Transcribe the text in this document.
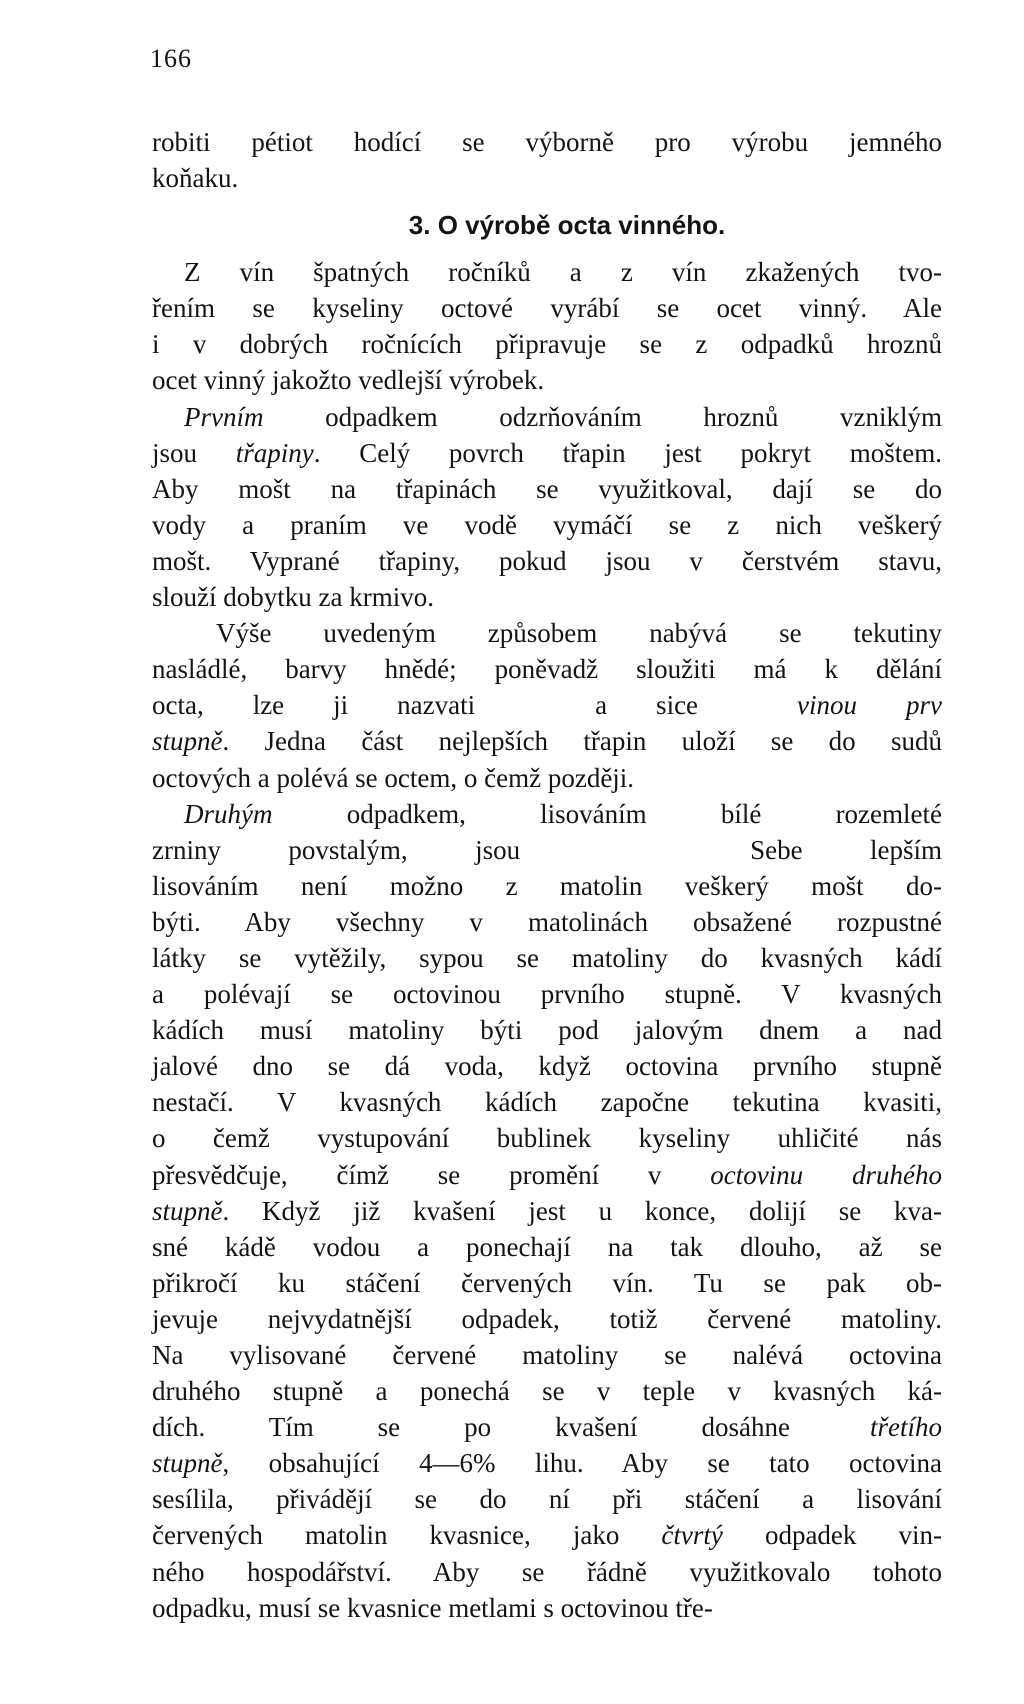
166
robiti pétiot hodící se výborně pro výrobu jemného
koňaku.
3. O výrobě octa vinného.
Z vín špatných ročníků a z vín zkažených tvo-
řením se kyseliny octové vyrábí se ocet vinný. Ale
i v dobrých ročnících připravuje se z odpadků hroznů
ocet vinný jakožto vedlejší výrobek.
Prvním odpadkem odzrňováním hroznů vzniklým
jsou třapiny. Celý povrch třapin jest pokryt moštem.
Aby mošt na třapinách se využitkoval, dají se do
vody a praním ve vodě vymáčí se z nich veškerý
mošt. Vyprané třapiny, pokud jsou v čerstvém stavu,
slouží dobytku za krmivo.
Výše uvedeným způsobem nabývá se tekutiny
nasládlé, barvy hnědé; poněvadž sloužiti má k dělání
octa, lze ji nazvati	a sice vinou prv
stupně. Jedna část nejlepších třapin uloží se do sudů
octových a polévá se octem, o čemž později.
Druhým odpadkem, lisováním bílé rozemleté
zrniny povstalým, jsou	Sebe lepším
lisováním není možno z matolin veškerý mošt do-
býti. Aby všechny v matolinách obsažené rozpustné
látky se vytěžily, sypou se matoliny do kvasných kádí
a polévají se octovinou prvního stupně. V kvasných
kádích musí matoliny býti pod jalovým dnem a nad
jalové dno se dá voda, když octovina prvního stupně
nestačí. V kvasných kádích započne tekutina kvasiti,
o čemž vystupování bublinek kyseliny uhličité nás
přesvědčuje, čímž se promění v octovinu druhého
stupně. Když již kvašení jest u konce, dolijí se kva-
sné kádě vodou a ponechají na tak dlouho, až se
přikročí ku stáčení červených vín. Tu se pak ob-
jevuje nejvydatnější odpadek, totiž červené matoliny.
Na vylisované červené matoliny se nalévá octovina
druhého stupně a ponechá se v teple v kvasných ká-
dích. Tím se po kvašení dosáhne	třetího
stupně, obsahující 4—6% lihu. Aby se tato octovina
sesílila, přivádějí se do ní při stáčení a lisování
červených matolin kvasnice, jako čtvrtý odpadek vin-
ného hospodářství. Aby se řádně využitkovalo tohoto
odpadku, musí se kvasnice metlami s octovinou tře-
